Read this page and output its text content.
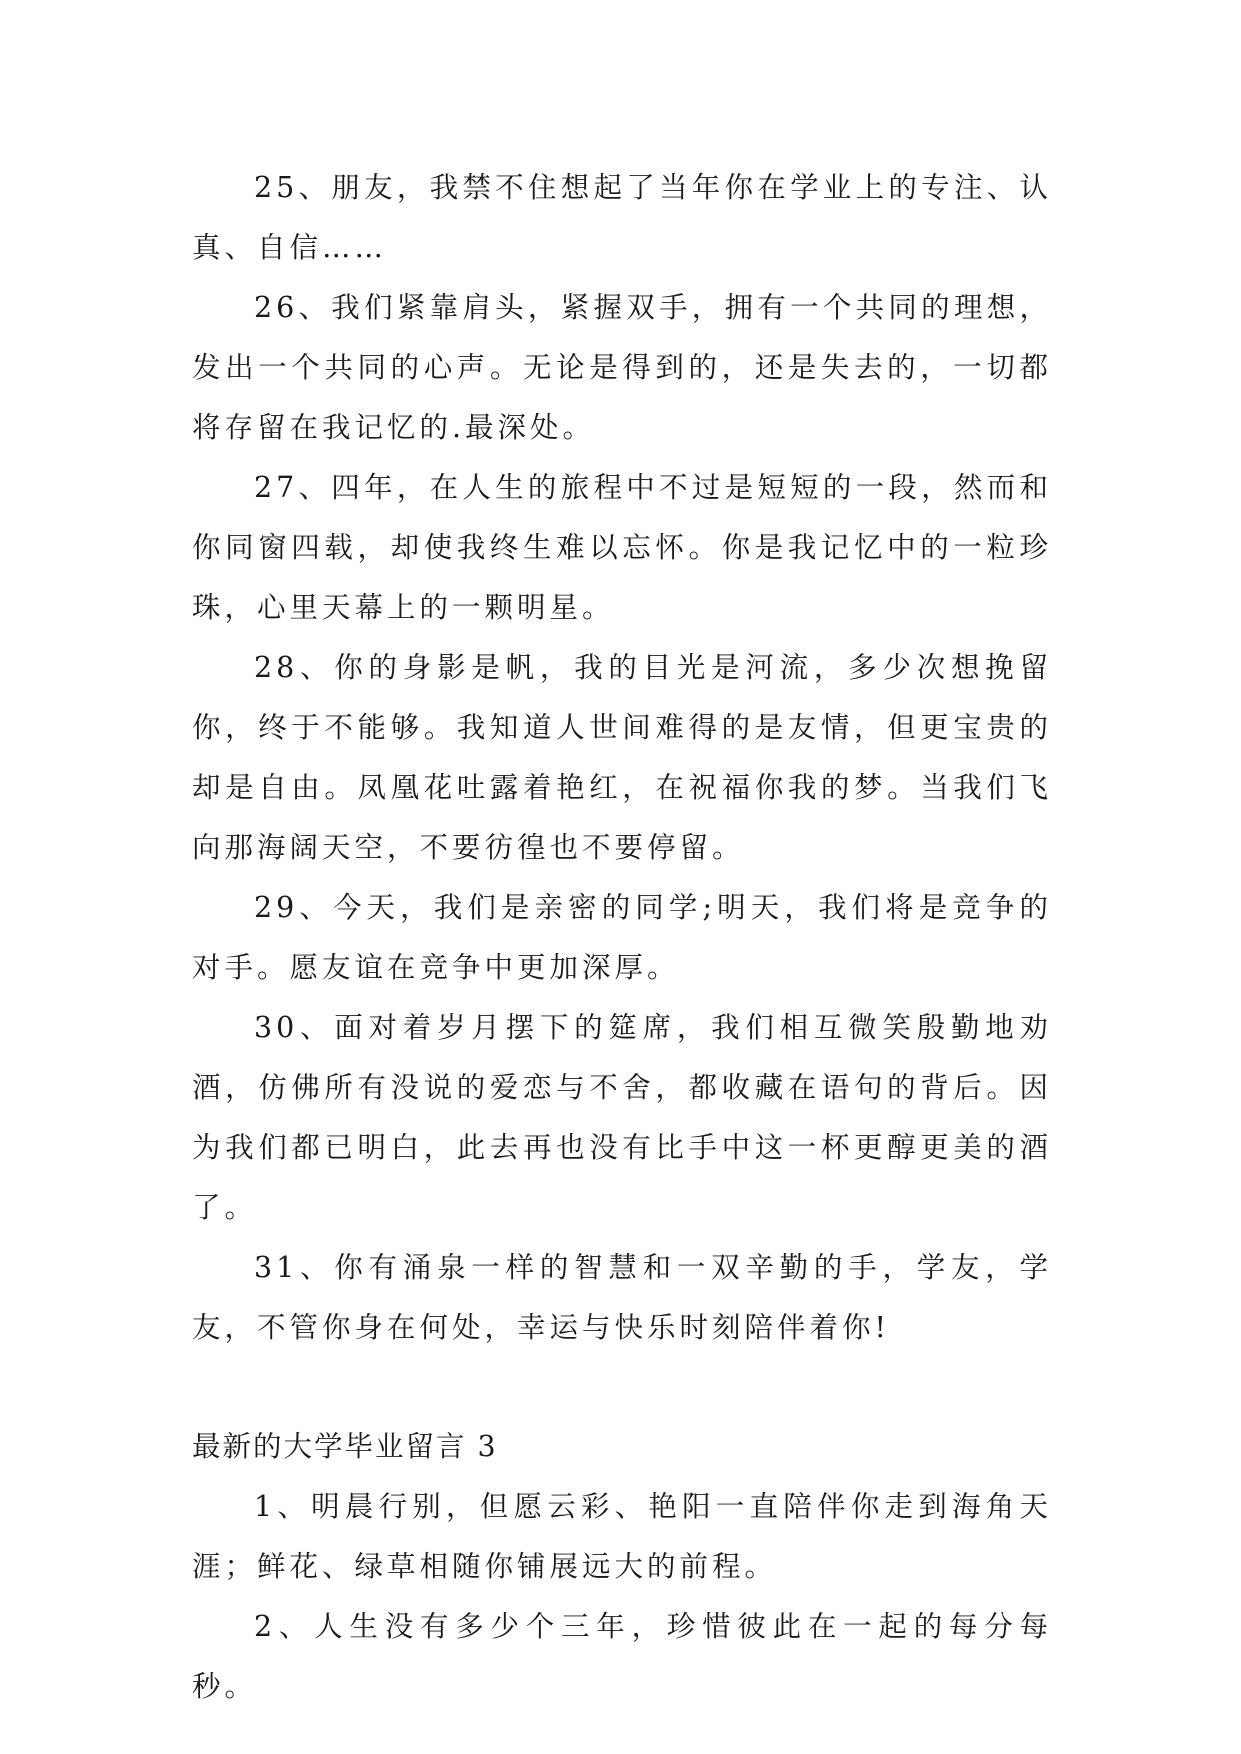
25、朋友，我禁不住想起了当年你在学业上的专注、认真、自信……

26、我们紧靠肩头，紧握双手，拥有一个共同的理想，发出一个共同的心声。无论是得到的，还是失去的，一切都将存留在我记忆的.最深处。

27、四年，在人生的旅程中不过是短短的一段，然而和你同窗四载，却使我终生难以忘怀。你是我记忆中的一粒珍珠，心里天幕上的一颗明星。

28、你的身影是帆，我的目光是河流，多少次想挽留你，终于不能够。我知道人世间难得的是友情，但更宝贵的却是自由。凤凰花吐露着艳红，在祝福你我的梦。当我们飞向那海阔天空，不要彷徨也不要停留。

29、今天，我们是亲密的同学;明天，我们将是竞争的对手。愿友谊在竞争中更加深厚。

30、面对着岁月摆下的筵席，我们相互微笑殷勤地劝酒，仿佛所有没说的爱恋与不舍，都收藏在语句的背后。因为我们都已明白，此去再也没有比手中这一杯更醇更美的酒了。

31、你有涌泉一样的智慧和一双辛勤的手，学友，学友，不管你身在何处，幸运与快乐时刻陪伴着你!

最新的大学毕业留言 3

1、明晨行别，但愿云彩、艳阳一直陪伴你走到海角天涯；鲜花、绿草相随你铺展远大的前程。

2、人生没有多少个三年，珍惜彼此在一起的每分每秒。
